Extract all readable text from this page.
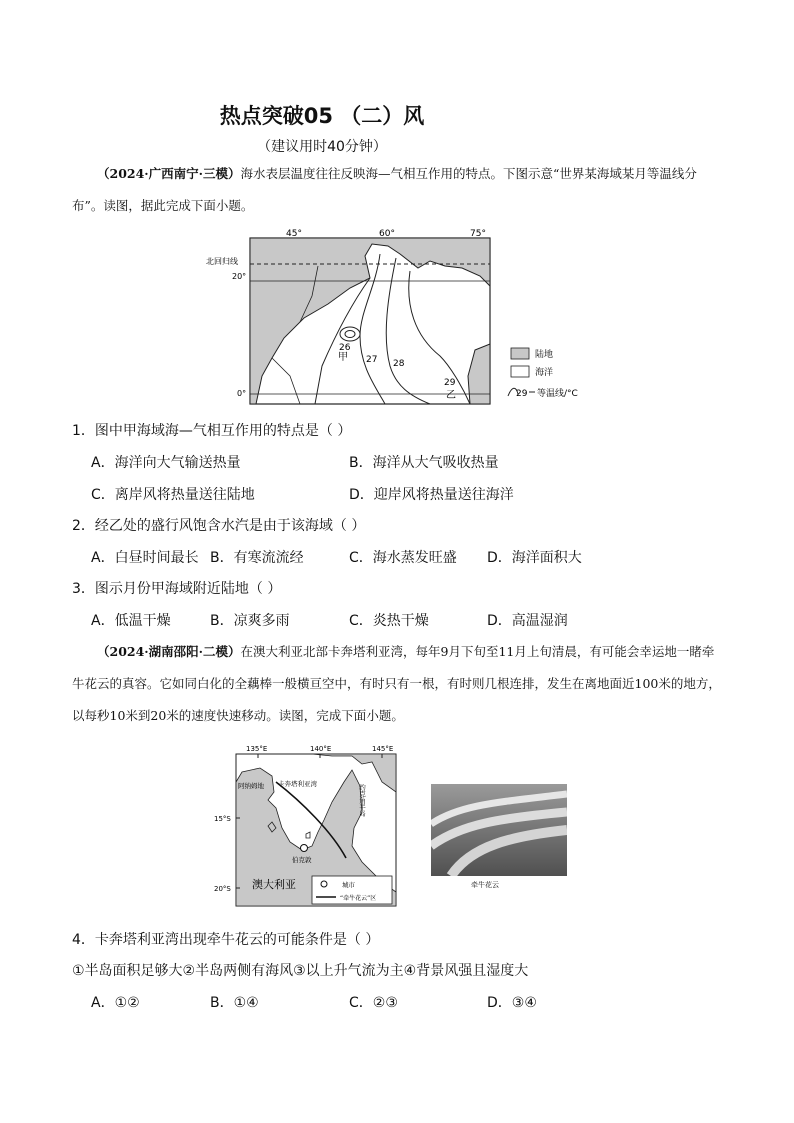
热点突破05 （二）风
（建议用时40分钟）
（2024·广西南宁·三模）海水表层温度往往反映海—气相互作用的特点。下图示意“世界某海域某月等温线分布”。读图，据此完成下面小题。
45°	60°	75°
北回归线
20°
0°
甲
乙
26
27 28
29
陆地
海洋
29 等温线/°C
1．图中甲海域海—气相互作用的特点是（ ）
A．海洋向大气输送热量	B．海洋从大气吸收热量
C．离岸风将热量送往陆地	D．迎岸风将热量送往海洋
2．经乙处的盛行风饱含水汽是由于该海域（ ）
A．白昼时间最长 B．有寒流流经	C．海水蒸发旺盛 D．海洋面积大
3．图示月份甲海域附近陆地（ ）
A．低温干燥	B．凉爽多雨	C．炎热干燥	D．高温湿润
（2024·湖南邵阳·二模）在澳大利亚北部卡奔塔利亚湾，每年9月下旬至11月上旬清晨，有可能会幸运地一睹牵牛花云的真容。它如同白化的全藕棒一般横亘空中，有时只有一根，有时则几根连排，发生在离地面近100米的地方，以每秒10米到20米的速度快速移动。读图，完成下面小题。
135°E	140°E	145°E
15°S
20°S
阿纳姆地 卡奔塔利亚湾	约克角半岛
伯克敦
澳大利亚	城市
“牵牛花云”区
牵牛花云
4．卡奔塔利亚湾出现牵牛花云的可能条件是（ ）
①半岛面积足够大②半岛两侧有海风③以上升气流为主④背景风强且湿度大
A．①②	B．①④	C．②③	D．③④
